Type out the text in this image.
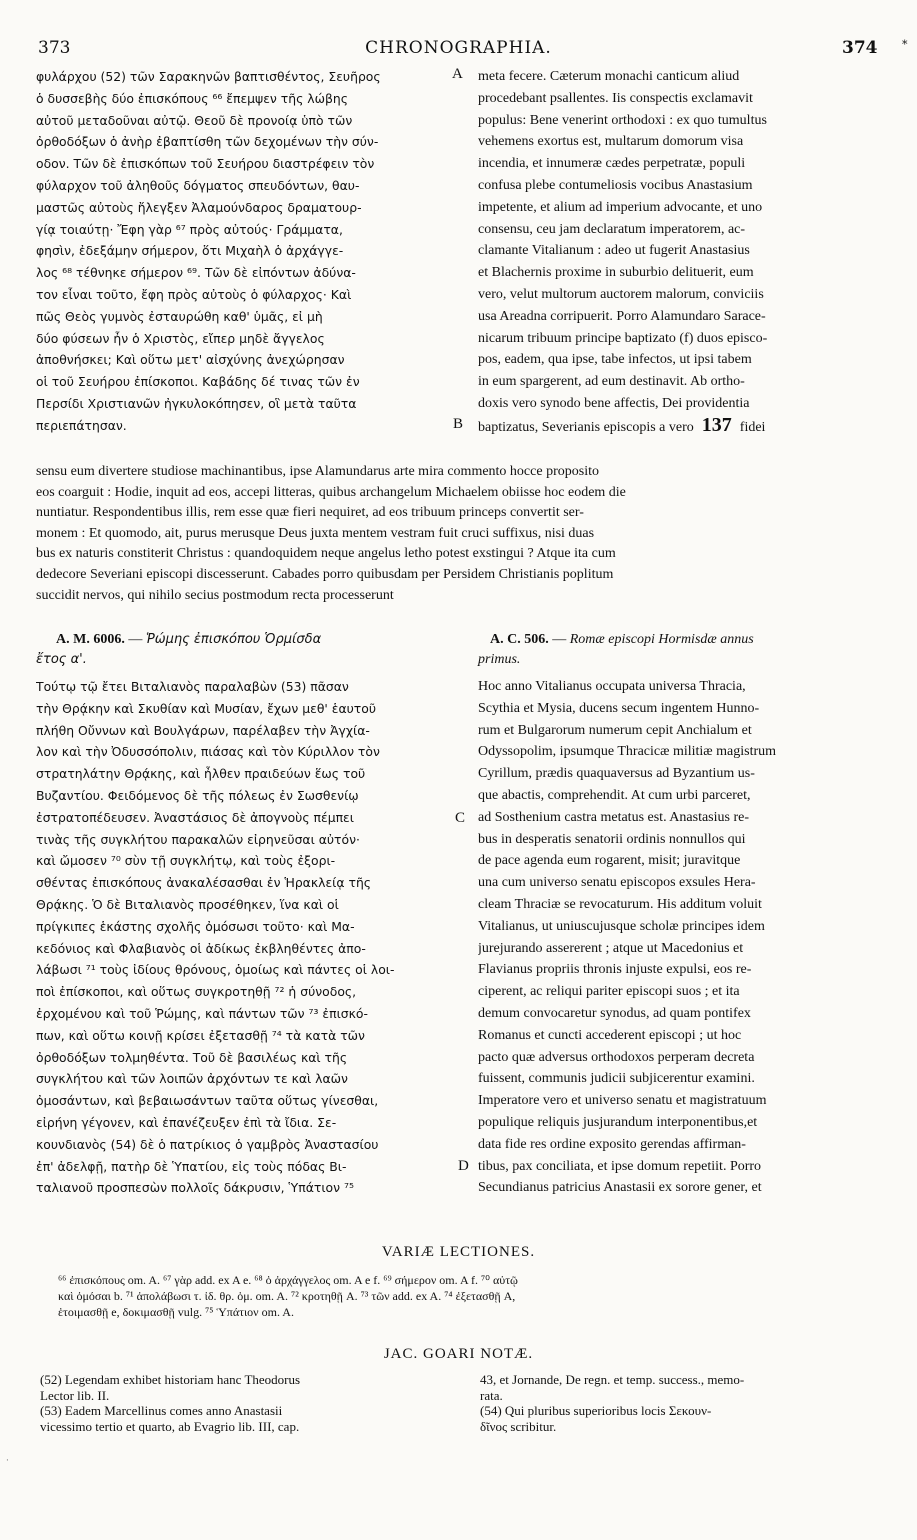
373	CHRONOGRAPHIA.	374 *
φυλάρχου (52) τῶν Σαρακηνῶν βαπτισθέντος, Σευῆρος
ὁ δυσσεβὴς δύο ἐπισκόπους ⁶⁶ ἔπεμψεν τῆς λώβης
αὐτοῦ μεταδοῦναι αὐτῷ. Θεοῦ δὲ προνοίᾳ ὑπὸ τῶν
ὀρθοδόξων ὁ ἀνὴρ ἐβαπτίσθη τῶν δεχομένων τὴν σύν-
οδον. Τῶν δὲ ἐπισκόπων τοῦ Σευήρου διαστρέφειν τὸν
φύλαρχον τοῦ ἀληθοῦς δόγματος σπευδόντων, θαυ-
μαστῶς αὐτοὺς ἤλεγξεν Ἀλαμούνδαρος δραματουρ-
γίᾳ τοιαύτῃ· Ἔφη γὰρ ⁶⁷ πρὸς αὐτούς· Γράμματα,
φησὶν, ἐδεξάμην σήμερον, ὅτι Μιχαὴλ ὁ ἀρχάγγε-
λος ⁶⁸ τέθνηκε σήμερον ⁶⁹. Τῶν δὲ εἰπόντων ἀδύνα-
τον εἶναι τοῦτο, ἔφη πρὸς αὐτοὺς ὁ φύλαρχος· Καὶ
πῶς Θεὸς γυμνὸς ἐσταυρώθη καθ' ὑμᾶς, εἰ μὴ
δύο φύσεων ἦν ὁ Χριστὸς, εἴπερ μηδὲ ἄγγελος
ἀποθνήσκει; Καὶ οὕτω μετ' αἰσχύνης ἀνεχώρησαν
οἱ τοῦ Σευήρου ἐπίσκοποι. Καβάδης δέ τινας τῶν ἐν
Περσίδι Χριστιανῶν ἠγκυλοκόπησεν, οἳ μετὰ ταῦτα
περιεπάτησαν.
meta fecere. Cæterum monachi canticum aliud
procedebant psallentes. Iis conspectis exclamavit
populus: Bene venerint orthodoxi : ex quo tumultus
vehemens exortus est, multarum domorum visa
incendia, et innumeræ cædes perpetratæ, populi
confusa plebe contumeliosis vocibus Anastasium
impetente, et alium ad imperium advocante, et uno
consensu, ceu jam declaratum imperatorem, ac-
clamante Vitalianum : adeo ut fugerit Anastasius
et Blachernis proxime in suburbio delituerit, eum
vero, velut multorum auctorem malorum, conviciis
usa Areadna corripuerit. Porro Alamundaro Sarace-
nicarum tribuum principe baptizato (f) duos episco-
pos, eadem, qua ipse, tabe infectos, ut ipsi tabem
in eum spargerent, ad eum destinavit. Ab ortho-
doxis vero synodo bene affectis, Dei providentia
baptizatus, Severianis episcopis a vero 137 fidei
A
B
sensu eum divertere studiose machinantibus, ipse Alamundarus arte mira commento hocce proposito
eos coarguit : Hodie, inquit ad eos, accepi litteras, quibus archangelum Michaelem obiisse hoc eodem die
nuntiatur. Respondentibus illis, rem esse quæ fieri nequiret, ad eos tribuum princeps convertit ser-
monem : Et quomodo, ait, purus merusque Deus juxta mentem vestram fuit cruci suffixus, nisi duas
bus ex naturis constiterit Christus : quandoquidem neque angelus letho potest exstingui ? Atque ita cum
dedecore Severiani episcopi discesserunt. Cabades porro quibusdam per Persidem Christianis poplitum
succidit nervos, qui nihilo secius postmodum recta processerunt
A. M. 6006. — Ῥώμης ἐπισκόπου Ὁρμίσδα
ἔτος α'.
A. C. 506. — Romæ episcopi Hormisdæ annus
primus.
Τούτῳ τῷ ἔτει Βιταλιανὸς παραλαβὼν (53) πᾶσαν
τὴν Θρᾴκην καὶ Σκυθίαν καὶ Μυσίαν, ἔχων μεθ' ἑαυτοῦ
πλήθη Οὔννων καὶ Βουλγάρων, παρέλαβεν τὴν Ἀγχία-
λον καὶ τὴν Ὀδυσσόπολιν, πιάσας καὶ τὸν Κύριλλον τὸν
στρατηλάτην Θρᾴκης, καὶ ἦλθεν πραιδεύων ἕως τοῦ
Βυζαντίου. Φειδόμενος δὲ τῆς πόλεως ἐν Σωσθενίῳ
ἐστρατοπέδευσεν. Ἀναστάσιος δὲ ἀπογνοὺς πέμπει
τινὰς τῆς συγκλήτου παρακαλῶν εἰρηνεῦσαι αὐτόν·
καὶ ὤμοσεν ⁷⁰ σὺν τῇ συγκλήτῳ, καὶ τοὺς ἐξορι-
σθέντας ἐπισκόπους ἀνακαλέσασθαι ἐν Ἡρακλείᾳ τῆς
Θρᾴκης. Ὁ δὲ Βιταλιανὸς προσέθηκεν, ἵνα καὶ οἱ
πρίγκιπες ἑκάστης σχολῆς ὀμόσωσι τοῦτο· καὶ Μα-
κεδόνιος καὶ Φλαβιανὸς οἱ ἀδίκως ἐκβληθέντες ἀπο-
λάβωσι ⁷¹ τοὺς ἰδίους θρόνους, ὁμοίως καὶ πάντες οἱ λοι-
ποὶ ἐπίσκοποι, καὶ οὕτως συγκροτηθῇ ⁷² ἡ σύνοδος,
ἐρχομένου καὶ τοῦ Ῥώμης, καὶ πάντων τῶν ⁷³ ἐπισκό-
πων, καὶ οὕτω κοινῇ κρίσει ἐξετασθῇ ⁷⁴ τὰ κατὰ τῶν
ὀρθοδόξων τολμηθέντα. Τοῦ δὲ βασιλέως καὶ τῆς
συγκλήτου καὶ τῶν λοιπῶν ἀρχόντων τε καὶ λαῶν
ὀμοσάντων, καὶ βεβαιωσάντων ταῦτα οὕτως γίνεσθαι,
εἰρήνη γέγονεν, καὶ ἐπανέζευξεν ἐπὶ τὰ ἴδια. Σε-
κουνδιανὸς (54) δὲ ὁ πατρίκιος ὁ γαμβρὸς Ἀναστασίου
ἐπ' ἀδελφῇ, πατὴρ δὲ Ὑπατίου, εἰς τοὺς πόδας Βι-
ταλιανοῦ προσπεσὼν πολλοῖς δάκρυσιν, Ὑπάτιον ⁷⁵
Hoc anno Vitalianus occupata universa Thracia,
Scythia et Mysia, ducens secum ingentem Hunno-
rum et Bulgarorum numerum cepit Anchialum et
Odyssopolim, ipsumque Thracicæ militiæ magistrum
Cyrillum, prædis quaquaversus ad Byzantium us-
que abactis, comprehendit. At cum urbi parceret,
ad Sosthenium castra metatus est. Anastasius re-
bus in desperatis senatorii ordinis nonnullos qui
de pace agenda eum rogarent, misit; juravitque
una cum universo senatu episcopos exsules Hera-
cleam Thraciæ se revocaturum. His additum voluit
Vitalianus, ut uniuscujusque scholæ principes idem
jurejurando assererent ; atque ut Macedonius et
Flavianus propriis thronis injuste expulsi, eos re-
ciperent, ac reliqui pariter episcopi suos ; et ita
demum convocaretur synodus, ad quam pontifex
Romanus et cuncti accederent episcopi ; ut hoc
pacto quæ adversus orthodoxos perperam decreta
fuissent, communis judicii subjicerentur examini.
Imperatore vero et universo senatu et magistratuum
populique reliquis jusjurandum interponentibus,et
data fide res ordine exposito gerendas affirman-
tibus, pax conciliata, et ipse domum repetiit. Porro
Secundianus patricius Anastasii ex sorore gener, et
C
D
VARIÆ LECTIONES.
⁶⁶ ἐπισκόπους om. A. ⁶⁷ γὰρ add. ex A e. ⁶⁸ ὁ ἀρχάγγελος om. A e f. ⁶⁹ σήμερον om. A f. ⁷⁰ αὐτῷ
καὶ ὀμόσαι b. ⁷¹ ἀπολάβωσι τ. ἰδ. θρ. ὁμ. om. A. ⁷² κροτηθῇ A. ⁷³ τῶν add. ex A. ⁷⁴ ἐξετασθῇ A,
ἑτοιμασθῇ e, δοκιμασθῇ vulg. ⁷⁵ Ὑπάτιον om. A.
JAC. GOARI NOTÆ.
(52) Legendam exhibet historiam hanc Theodorus
Lector lib. II.
(53) Eadem Marcellinus comes anno Anastasii
vicessimo tertio et quarto, ab Evagrio lib. III, cap.
43, et Jornande, De regn. et temp. success., memo-
rata.
(54) Qui pluribus superioribus locis Σεκουν-
δῖνος scribitur.
·
